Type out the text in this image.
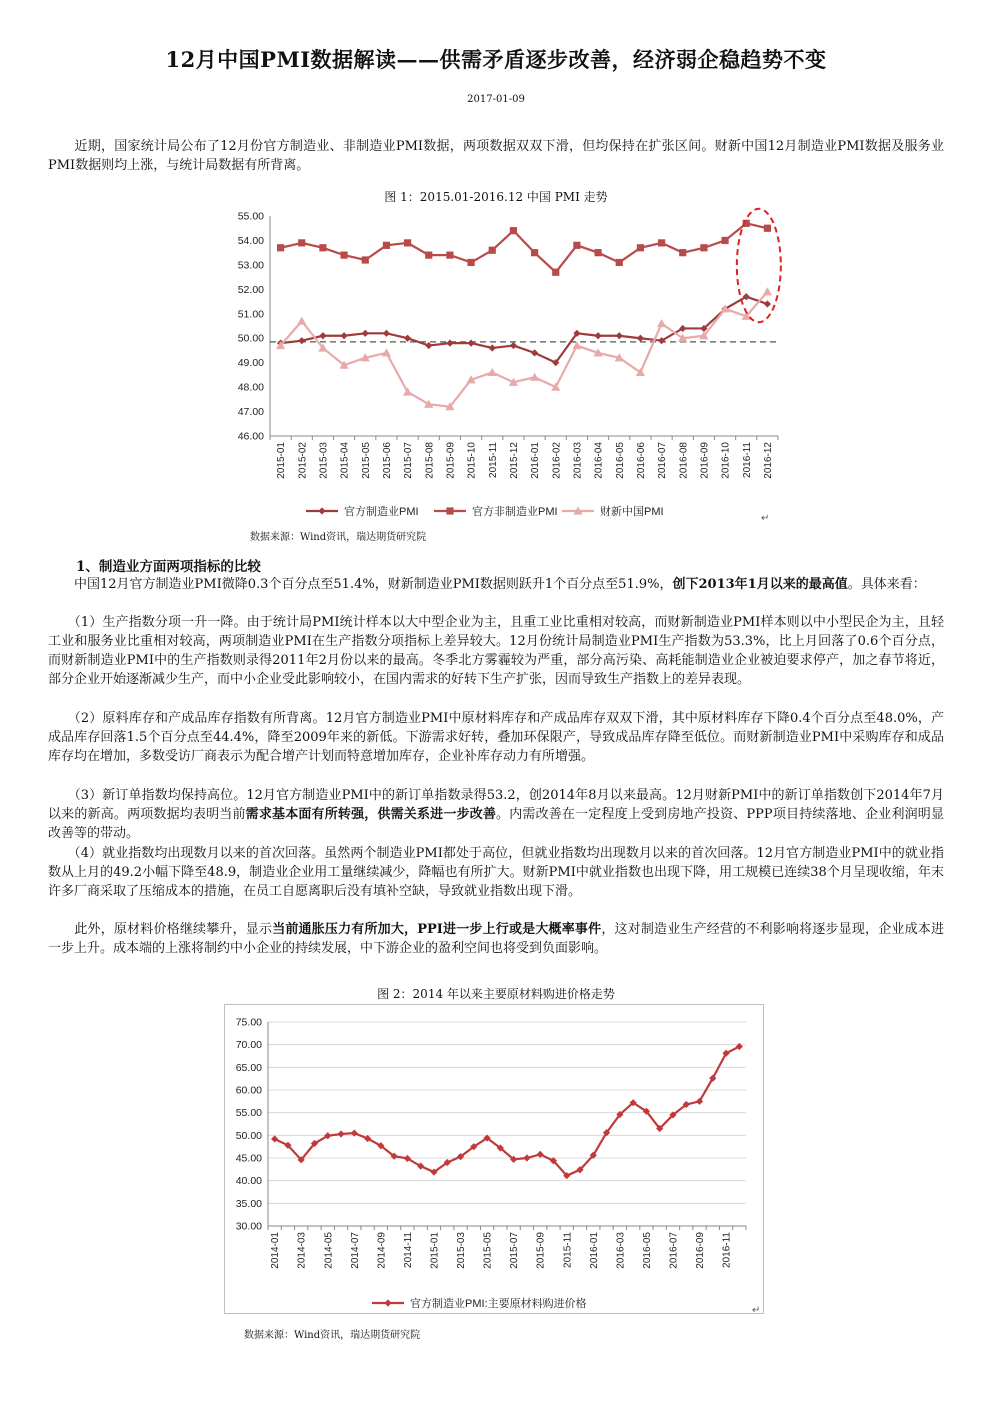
12月中国PMI数据解读——供需矛盾逐步改善，经济弱企稳趋势不变
2017-01-09
　　近期，国家统计局公布了12月份官方制造业、非制造业PMI数据，两项数据双双下滑，但均保持在扩张区间。财新中国12月制造业PMI数据及服务业PMI数据则均上涨，与统计局数据有所背离。
图 1：2015.01-2016.12 中国 PMI 走势
46.00
47.00
48.00
49.00
50.00
51.00
52.00
53.00
54.00
55.00
2015-01 2015-02 2015-03 2015-04 2015-05 2015-06 2015-07 2015-08 2015-09 2015-10 2015-11 2015-12 2016-01 2016-02 2016-03 2016-04 2016-05 2016-06 2016-07 2016-08 2016-09 2016-10 2016-11 2016-12
官方制造业PMI	官方非制造业PMI	财新中国PMI
↵
数据来源：Wind资讯，瑞达期货研究院
1、制造业方面两项指标的比较
　　中国12月官方制造业PMI微降0.3个百分点至51.4%，财新制造业PMI数据则跃升1个百分点至51.9%，创下2013年1月以来的最高值。具体来看：
　　（1）生产指数分项一升一降。由于统计局PMI统计样本以大中型企业为主，且重工业比重相对较高，而财新制造业PMI样本则以中小型民企为主，且轻工业和服务业比重相对较高，两项制造业PMI在生产指数分项指标上差异较大。12月份统计局制造业PMI生产指数为53.3%，比上月回落了0.6个百分点，而财新制造业PMI中的生产指数则录得2011年2月份以来的最高。冬季北方雾霾较为严重，部分高污染、高耗能制造业企业被迫要求停产，加之春节将近，部分企业开始逐渐减少生产，而中小企业受此影响较小，在国内需求的好转下生产扩张，因而导致生产指数上的差异表现。
　　（2）原料库存和产成品库存指数有所背离。12月官方制造业PMI中原材料库存和产成品库存双双下滑，其中原材料库存下降0.4个百分点至48.0%，产成品库存回落1.5个百分点至44.4%，降至2009年来的新低。下游需求好转，叠加环保限产，导致成品库存降至低位。而财新制造业PMI中采购库存和成品库存均在增加，多数受访厂商表示为配合增产计划而特意增加库存，企业补库存动力有所增强。
　　（3）新订单指数均保持高位。12月官方制造业PMI中的新订单指数录得53.2，创2014年8月以来最高。12月财新PMI中的新订单指数创下2014年7月以来的新高。两项数据均表明当前需求基本面有所转强，供需关系进一步改善。内需改善在一定程度上受到房地产投资、PPP项目持续落地、企业利润明显改善等的带动。
　　（4）就业指数均出现数月以来的首次回落。虽然两个制造业PMI都处于高位，但就业指数均出现数月以来的首次回落。12月官方制造业PMI中的就业指数从上月的49.2小幅下降至48.9，制造业企业用工量继续减少，降幅也有所扩大。财新PMI中就业指数也出现下降，用工规模已连续38个月呈现收缩，年末许多厂商采取了压缩成本的措施，在员工自愿离职后没有填补空缺，导致就业指数出现下滑。
　　此外，原材料价格继续攀升，显示当前通胀压力有所加大，PPI进一步上行或是大概率事件，这对制造业生产经营的不利影响将逐步显现，企业成本进一步上升。成本端的上涨将制约中小企业的持续发展，中下游企业的盈利空间也将受到负面影响。
图 2：2014 年以来主要原材料购进价格走势
30.00
35.00
40.00
45.00
50.00
55.00
60.00
65.00
70.00
75.00
2014-01 2014-03 2014-05 2014-07 2014-09 2014-11 2015-01 2015-03 2015-05 2015-07 2015-09 2015-11 2016-01 2016-03 2016-05 2016-07 2016-09 2016-11
官方制造业PMI:主要原材料购进价格
↵
数据来源：Wind资讯，瑞达期货研究院
